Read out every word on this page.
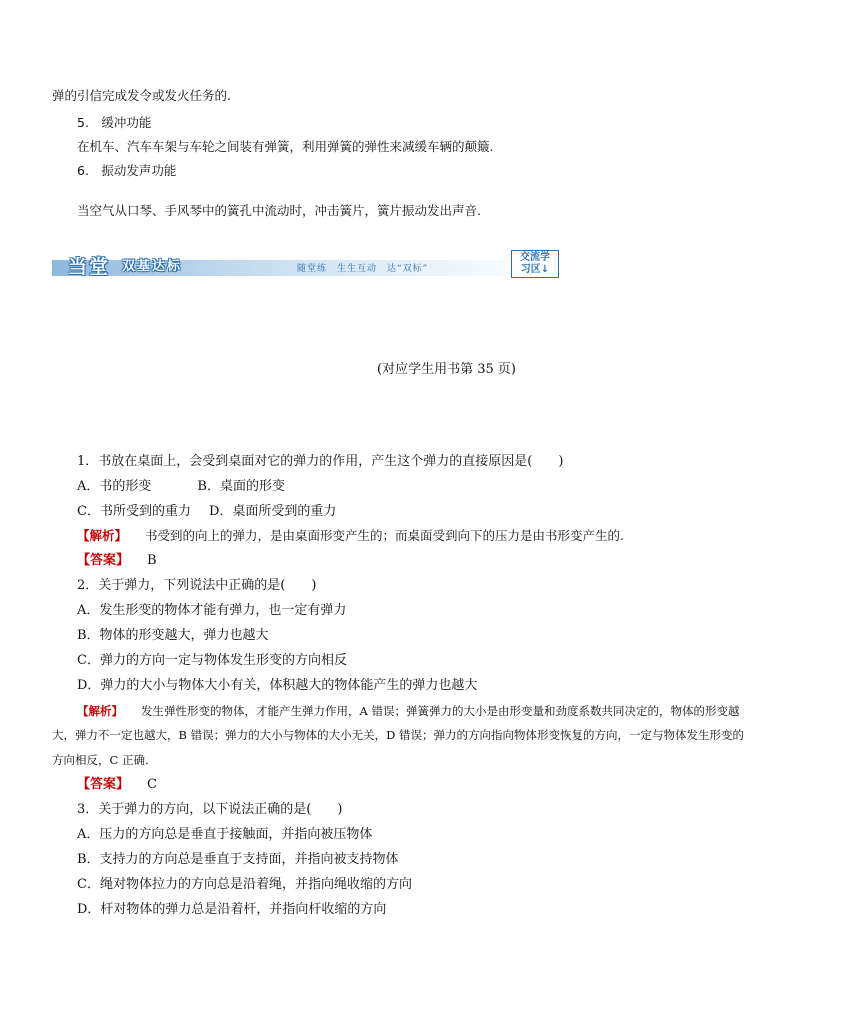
弹的引信完成发令或发火任务的.
5.　缓冲功能
在机车、汽车车架与车轮之间装有弹簧，利用弹簧的弹性来减缓车辆的颠簸.
6.　振动发声功能
当空气从口琴、手风琴中的簧孔中流动时，冲击簧片，簧片振动发出声音.
当堂 双基达标	随堂练　生生互动　达“双标”
交流学
习区↓
(对应学生用书第 35 页)
1．书放在桌面上，会受到桌面对它的弹力的作用，产生这个弹力的直接原因是(　　)
A．书的形变	B．桌面的形变
C．书所受到的重力 D．桌面所受到的重力
【解析】 书受到的向上的弹力，是由桌面形变产生的；而桌面受到向下的压力是由书形变产生的.
【答案】 B
2．关于弹力，下列说法中正确的是(　　)
A．发生形变的物体才能有弹力，也一定有弹力
B．物体的形变越大，弹力也越大
C．弹力的方向一定与物体发生形变的方向相反
D．弹力的大小与物体大小有关，体积越大的物体能产生的弹力也越大
【解析】 发生弹性形变的物体，才能产生弹力作用，A 错误；弹簧弹力的大小是由形变量和劲度系数共同决定的，物体的形变越
大，弹力不一定也越大，B 错误；弹力的大小与物体的大小无关，D 错误；弹力的方向指向物体形变恢复的方向，一定与物体发生形变的
方向相反，C 正确.
【答案】 C
3．关于弹力的方向，以下说法正确的是(　　)
A．压力的方向总是垂直于接触面，并指向被压物体
B．支持力的方向总是垂直于支持面，并指向被支持物体
C．绳对物体拉力的方向总是沿着绳，并指向绳收缩的方向
D．杆对物体的弹力总是沿着杆，并指向杆收缩的方向
